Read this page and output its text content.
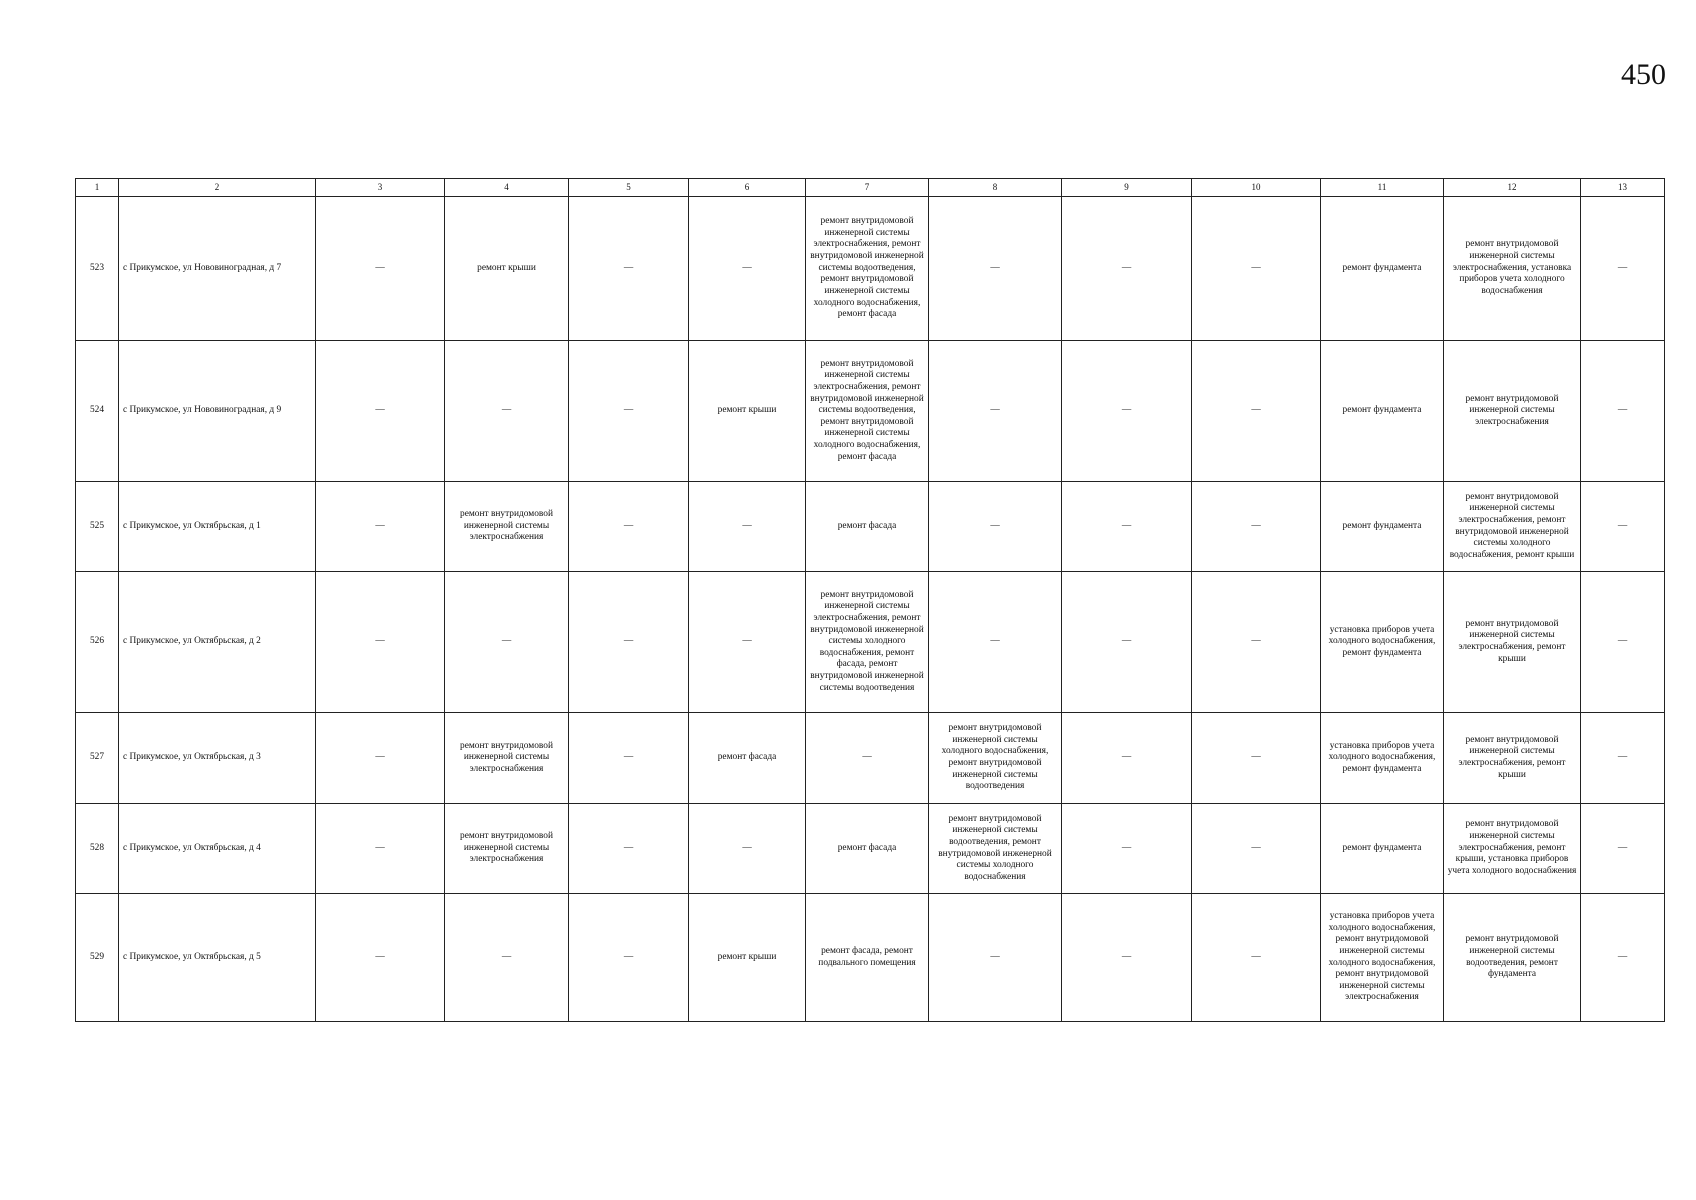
450
1	2	3	4	5	6	7	8	9	10	11	12	13
523	с Прикумское, ул Нововиноградная, д 7	—	ремонт крыши	—	—	ремонт внутридомовой инженерной системы электроснабжения, ремонт внутридомовой инженерной системы водоотведения, ремонт внутридомовой инженерной системы холодного водоснабжения, ремонт фасада	—	—	—	ремонт фундамента	ремонт внутридомовой инженерной системы электроснабжения, установка приборов учета холодного водоснабжения	—
524	с Прикумское, ул Нововиноградная, д 9	—	—	—	ремонт крыши	ремонт внутридомовой инженерной системы электроснабжения, ремонт внутридомовой инженерной системы водоотведения, ремонт внутридомовой инженерной системы холодного водоснабжения, ремонт фасада	—	—	—	ремонт фундамента	ремонт внутридомовой инженерной системы электроснабжения	—
525	с Прикумское, ул Октябрьская, д 1	—	ремонт внутридомовой инженерной системы электроснабжения	—	—	ремонт фасада	—	—	—	ремонт фундамента	ремонт внутридомовой инженерной системы электроснабжения, ремонт внутридомовой инженерной системы холодного водоснабжения, ремонт крыши	—
526	с Прикумское, ул Октябрьская, д 2	—	—	—	—	ремонт внутридомовой инженерной системы электроснабжения, ремонт внутридомовой инженерной системы холодного водоснабжения, ремонт фасада, ремонт внутридомовой инженерной системы водоотведения	—	—	—	установка приборов учета холодного водоснабжения, ремонт фундамента	ремонт внутридомовой инженерной системы электроснабжения, ремонт крыши	—
527	с Прикумское, ул Октябрьская, д 3	—	ремонт внутридомовой инженерной системы электроснабжения	—	ремонт фасада	—	ремонт внутридомовой инженерной системы холодного водоснабжения, ремонт внутридомовой инженерной системы водоотведения	—	—	установка приборов учета холодного водоснабжения, ремонт фундамента	ремонт внутридомовой инженерной системы электроснабжения, ремонт крыши	—
528	с Прикумское, ул Октябрьская, д 4	—	ремонт внутридомовой инженерной системы электроснабжения	—	—	ремонт фасада	ремонт внутридомовой инженерной системы водоотведения, ремонт внутридомовой инженерной системы холодного водоснабжения	—	—	ремонт фундамента	ремонт внутридомовой инженерной системы электроснабжения, ремонт крыши, установка приборов учета холодного водоснабжения	—
529	с Прикумское, ул Октябрьская, д 5	—	—	—	ремонт крыши	ремонт фасада, ремонт подвального помещения	—	—	—	установка приборов учета холодного водоснабжения, ремонт внутридомовой инженерной системы холодного водоснабжения, ремонт внутридомовой инженерной системы электроснабжения	ремонт внутридомовой инженерной системы водоотведения, ремонт фундамента	—
